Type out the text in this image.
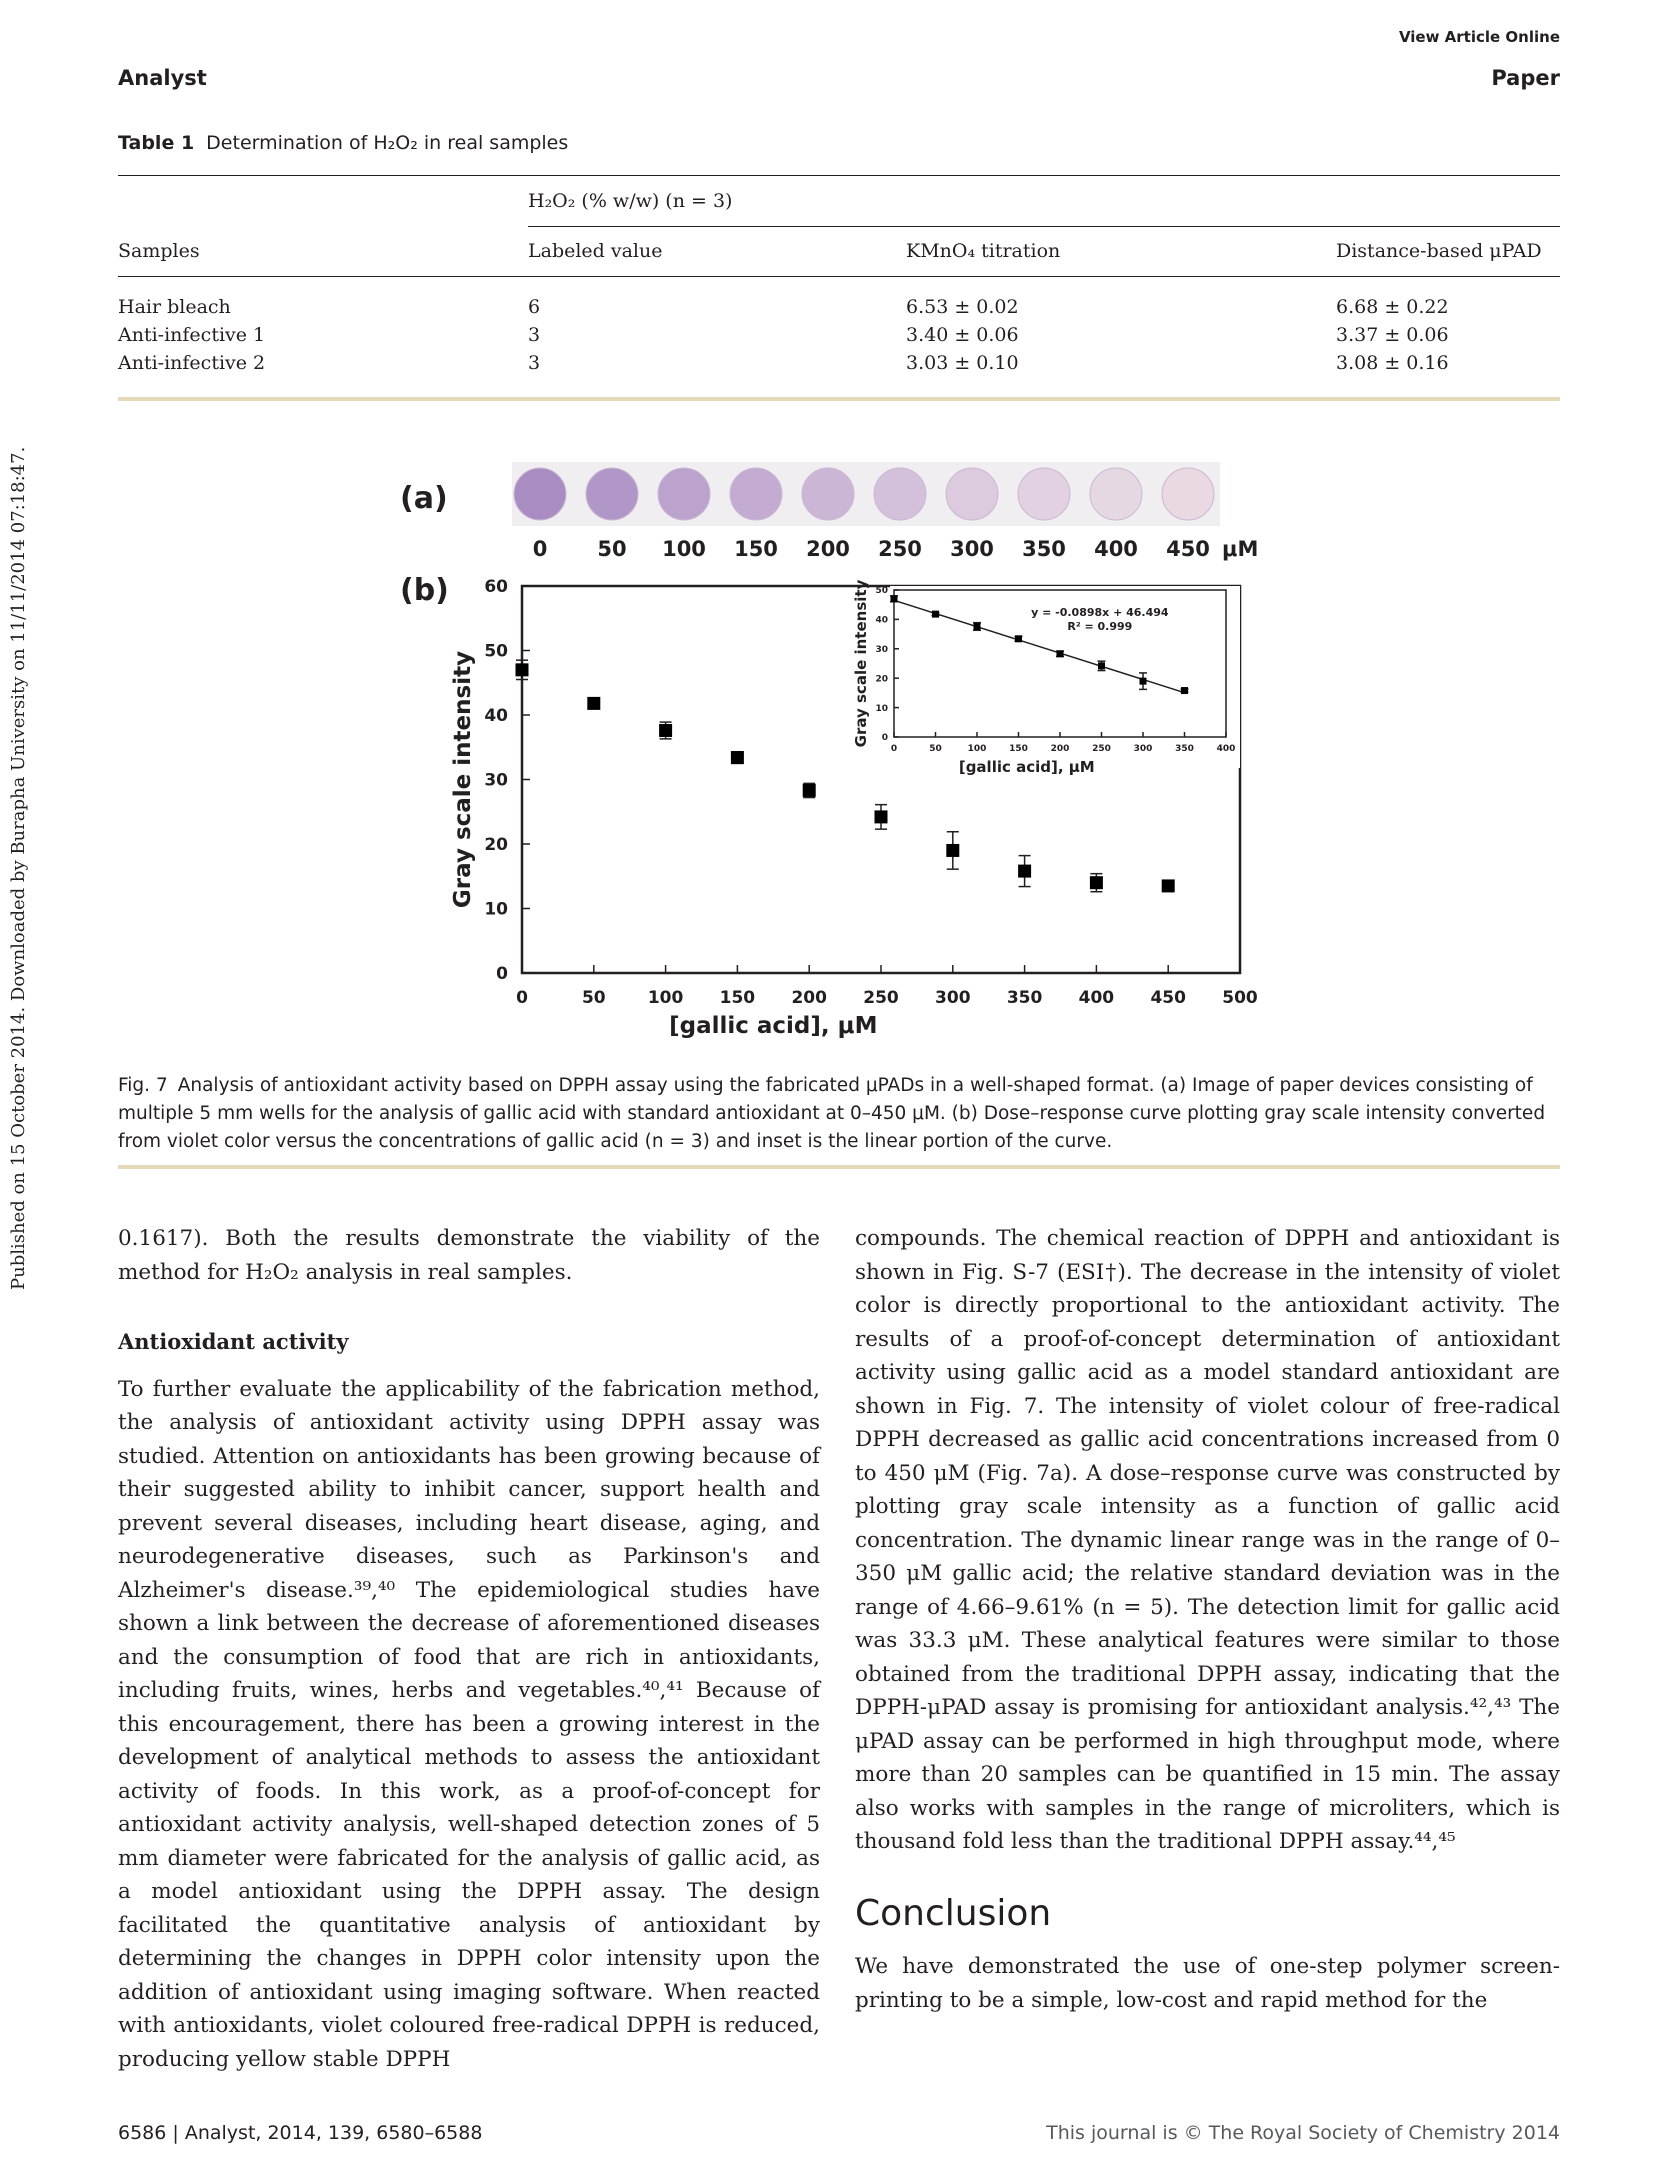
View Article Online
Analyst	Paper
Published on 15 October 2014. Downloaded by Burapha University on 11/11/2014 07:18:47.
Table 1 Determination of H₂O₂ in real samples
H₂O₂ (% w/w) (n = 3)
Samples	Labeled value	KMnO₄ titration	Distance-based μPAD
Hair bleach	6	6.53 ± 0.02	6.68 ± 0.22
Anti-infective 1	3	3.40 ± 0.06	3.37 ± 0.06
Anti-infective 2	3	3.03 ± 0.10	3.08 ± 0.16
(a)
(b)
0 50 100 150 200 250 300 350 400 450 μM
0	50 100 150 200 250 300 350 400 450 500
0
10
20
30
40
50
60
[gallic acid], μM
Gray scale intensity	0	50	100	150	200	250	300	350	400
0
10
20
30
40
50
[gallic acid], μM
Gray scale intensity	y = -0.0898x + 46.494
R² = 0.999
Fig. 7 Analysis of antioxidant activity based on DPPH assay using the fabricated μPADs in a well-shaped format. (a) Image of paper devices consisting of multiple 5 mm wells for the analysis of gallic acid with standard antioxidant at 0–450 μM. (b) Dose–response curve plotting gray scale intensity converted from violet color versus the concentrations of gallic acid (n = 3) and inset is the linear portion of the curve.

0.1617). Both the results demonstrate the viability of the method for H₂O₂ analysis in real samples.

Antioxidant activity

To further evaluate the applicability of the fabrication method, the analysis of antioxidant activity using DPPH assay was studied. Attention on antioxidants has been growing because of their suggested ability to inhibit cancer, support health and prevent several diseases, including heart disease, aging, and neurodegenerative diseases, such as Parkinson's and Alzheimer's disease.³⁹,⁴⁰ The epidemiological studies have shown a link between the decrease of aforementioned diseases and the consumption of food that are rich in antioxidants, including fruits, wines, herbs and vegetables.⁴⁰,⁴¹ Because of this encouragement, there has been a growing interest in the development of analytical methods to assess the antioxidant activity of foods. In this work, as a proof-of-concept for antioxidant activity analysis, well-shaped detection zones of 5 mm diameter were fabricated for the analysis of gallic acid, as a model antioxidant using the DPPH assay. The design facilitated the quantitative analysis of antioxidant by determining the changes in DPPH color intensity upon the addition of antioxidant using imaging software. When reacted with antioxidants, violet coloured free-radical DPPH is reduced, producing yellow stable DPPH

compounds. The chemical reaction of DPPH and antioxidant is shown in Fig. S-7 (ESI†). The decrease in the intensity of violet color is directly proportional to the antioxidant activity. The results of a proof-of-concept determination of antioxidant activity using gallic acid as a model standard antioxidant are shown in Fig. 7. The intensity of violet colour of free-radical DPPH decreased as gallic acid concentrations increased from 0 to 450 μM (Fig. 7a). A dose–response curve was constructed by plotting gray scale intensity as a function of gallic acid concentration. The dynamic linear range was in the range of 0–350 μM gallic acid; the relative standard deviation was in the range of 4.66–9.61% (n = 5). The detection limit for gallic acid was 33.3 μM. These analytical features were similar to those obtained from the traditional DPPH assay, indicating that the DPPH-μPAD assay is promising for antioxidant analysis.⁴²,⁴³ The μPAD assay can be performed in high throughput mode, where more than 20 samples can be quantified in 15 min. The assay also works with samples in the range of microliters, which is thousand fold less than the traditional DPPH assay.⁴⁴,⁴⁵

Conclusion

We have demonstrated the use of one-step polymer screen-printing to be a simple, low-cost and rapid method for the

6586 | Analyst, 2014, 139, 6580–6588	This journal is © The Royal Society of Chemistry 2014
